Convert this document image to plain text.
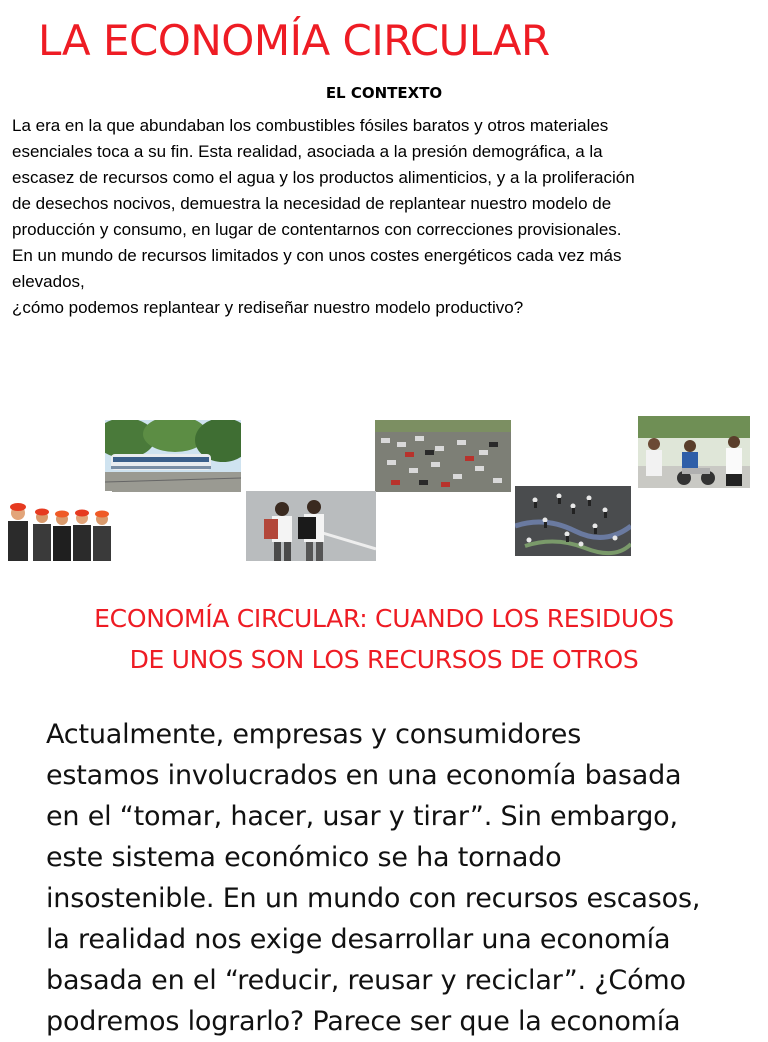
LA ECONOMÍA CIRCULAR
EL CONTEXTO

La era en la que abundaban los combustibles fósiles baratos y otros materiales

esenciales toca a su fin. Esta realidad, asociada a la presión demográfica, a la

escasez de recursos como el agua y los productos alimenticios, y a la proliferación

de desechos nocivos, demuestra la necesidad de replantear nuestro modelo de

producción y consumo, en lugar de contentarnos con correcciones provisionales.

En un mundo de recursos limitados y con unos costes energéticos cada vez más

elevados,

¿cómo podemos replantear y rediseñar nuestro modelo productivo?

ECONOMÍA CIRCULAR: CUANDO LOS RESIDUOS
DE UNOS SON LOS RECURSOS DE OTROS
Actualmente, empresas y consumidores
estamos involucrados en una economía basada
en el “tomar, hacer, usar y tirar”. Sin embargo,
este sistema económico se ha tornado
insostenible. En un mundo con recursos escasos,
la realidad nos exige desarrollar una economía
basada en el “reducir, reusar y reciclar”. ¿Cómo
podremos lograrlo? Parece ser que la economía
